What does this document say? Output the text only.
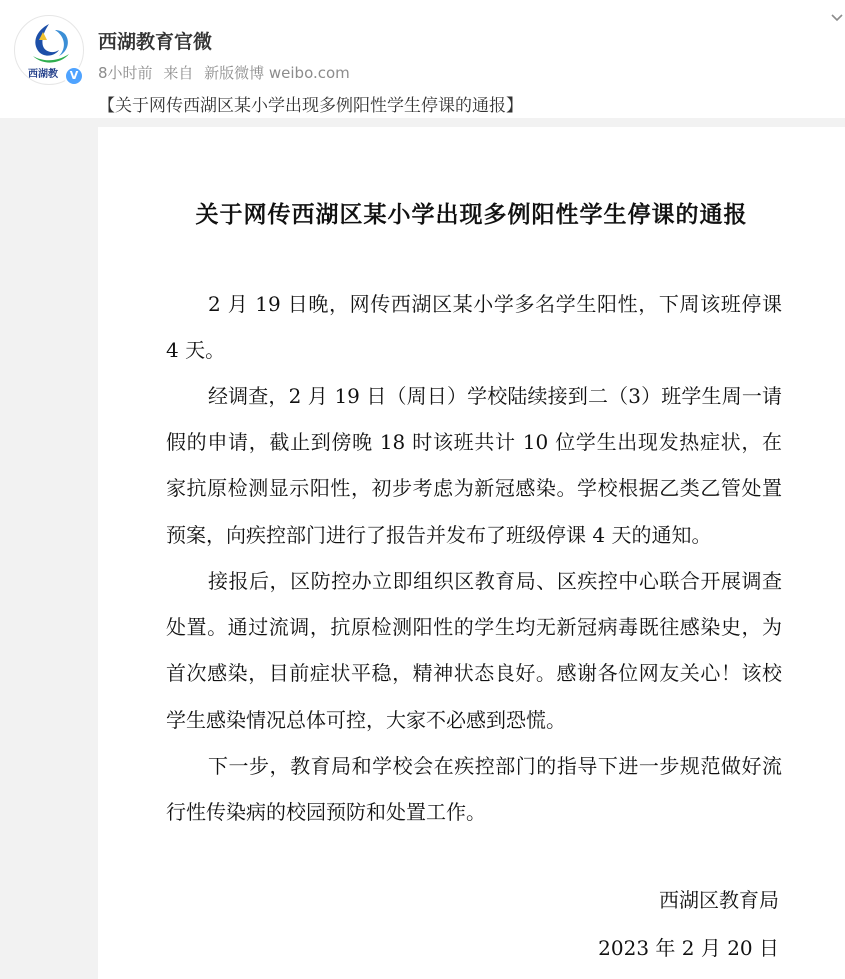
西湖教	V
西湖教育官微
8小时前 来自 新版微博 weibo.com
【关于网传西湖区某小学出现多例阳性学生停课的通报】
关于网传西湖区某小学出现多例阳性学生停课的通报
2 月 19 日晚，网传西湖区某小学多名学生阳性，下周该班停课 4 天。
经调查，2 月 19 日（周日）学校陆续接到二（3）班学生周一请假的申请，截止到傍晚 18 时该班共计 10 位学生出现发热症状，在家抗原检测显示阳性，初步考虑为新冠感染。学校根据乙类乙管处置预案，向疾控部门进行了报告并发布了班级停课 4 天的通知。
接报后，区防控办立即组织区教育局、区疾控中心联合开展调查处置。通过流调，抗原检测阳性的学生均无新冠病毒既往感染史，为首次感染，目前症状平稳，精神状态良好。感谢各位网友关心！该校学生感染情况总体可控，大家不必感到恐慌。
下一步，教育局和学校会在疾控部门的指导下进一步规范做好流行性传染病的校园预防和处置工作。
西湖区教育局
2023 年 2 月 20 日
